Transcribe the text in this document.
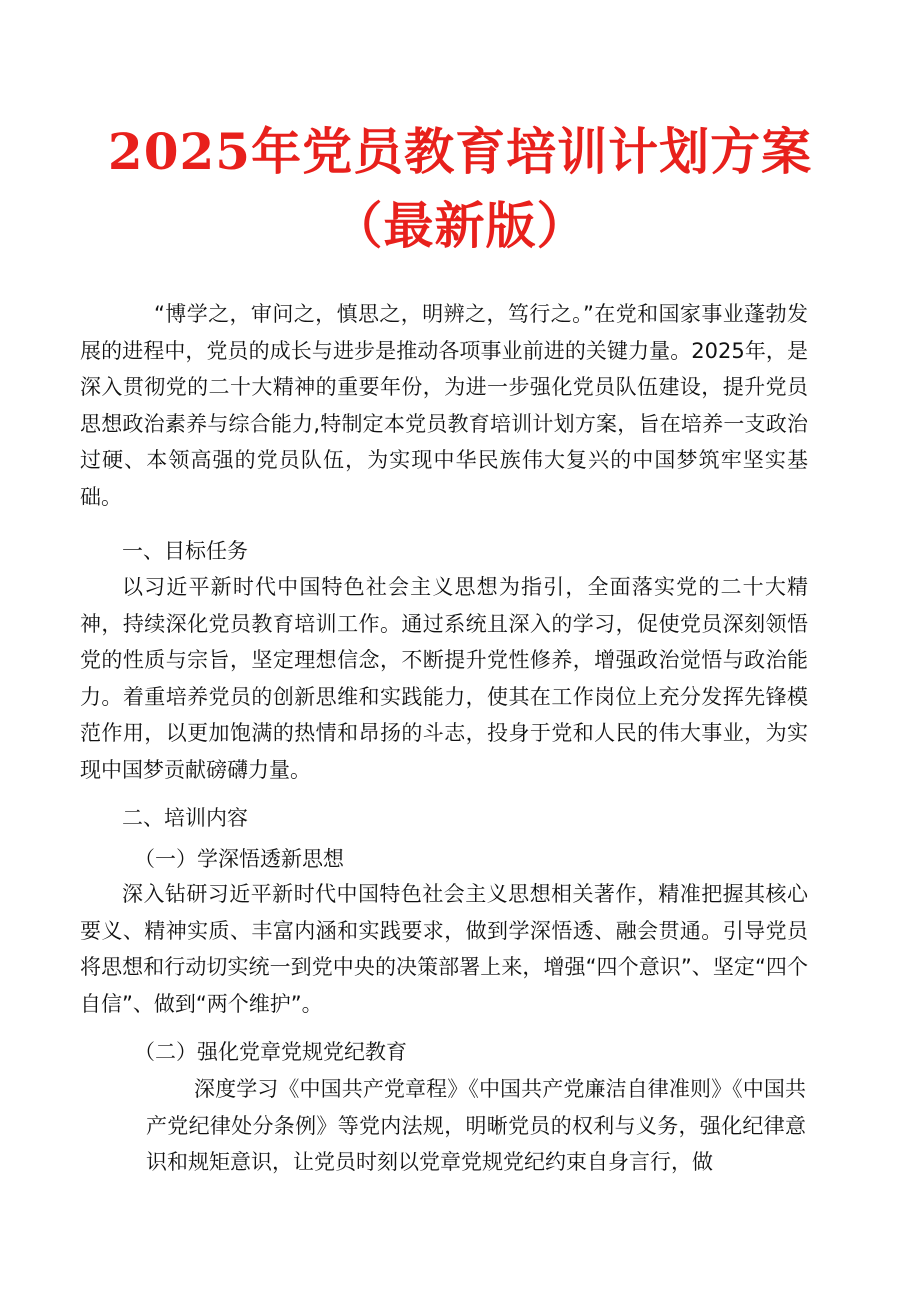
2025年党员教育培训计划方案
（最新版）

“博学之，审问之，慎思之，明辨之，笃行之。”在党和国家事业蓬勃发展的进程中，党员的成长与进步是推动各项事业前进的关键力量。2025年，是深入贯彻党的二十大精神的重要年份，为进一步强化党员队伍建设，提升党员思想政治素养与综合能力,特制定本党员教育培训计划方案，旨在培养一支政治过硬、本领高强的党员队伍，为实现中华民族伟大复兴的中国梦筑牢坚实基础。

一、目标任务

以习近平新时代中国特色社会主义思想为指引，全面落实党的二十大精神，持续深化党员教育培训工作。通过系统且深入的学习，促使党员深刻领悟党的性质与宗旨，坚定理想信念，不断提升党性修养，增强政治觉悟与政治能力。着重培养党员的创新思维和实践能力，使其在工作岗位上充分发挥先锋模范作用，以更加饱满的热情和昂扬的斗志，投身于党和人民的伟大事业，为实现中国梦贡献磅礴力量。

二、培训内容

（一）学深悟透新思想

深入钻研习近平新时代中国特色社会主义思想相关著作，精准把握其核心要义、精神实质、丰富内涵和实践要求，做到学深悟透、融会贯通。引导党员将思想和行动切实统一到党中央的决策部署上来，增强“四个意识”、坚定“四个自信”、做到“两个维护”。

（二）强化党章党规党纪教育

深度学习《中国共产党章程》《中国共产党廉洁自律准则》《中国共产党纪律处分条例》等党内法规，明晰党员的权利与义务，强化纪律意识和规矩意识，让党员时刻以党章党规党纪约束自身言行，做
